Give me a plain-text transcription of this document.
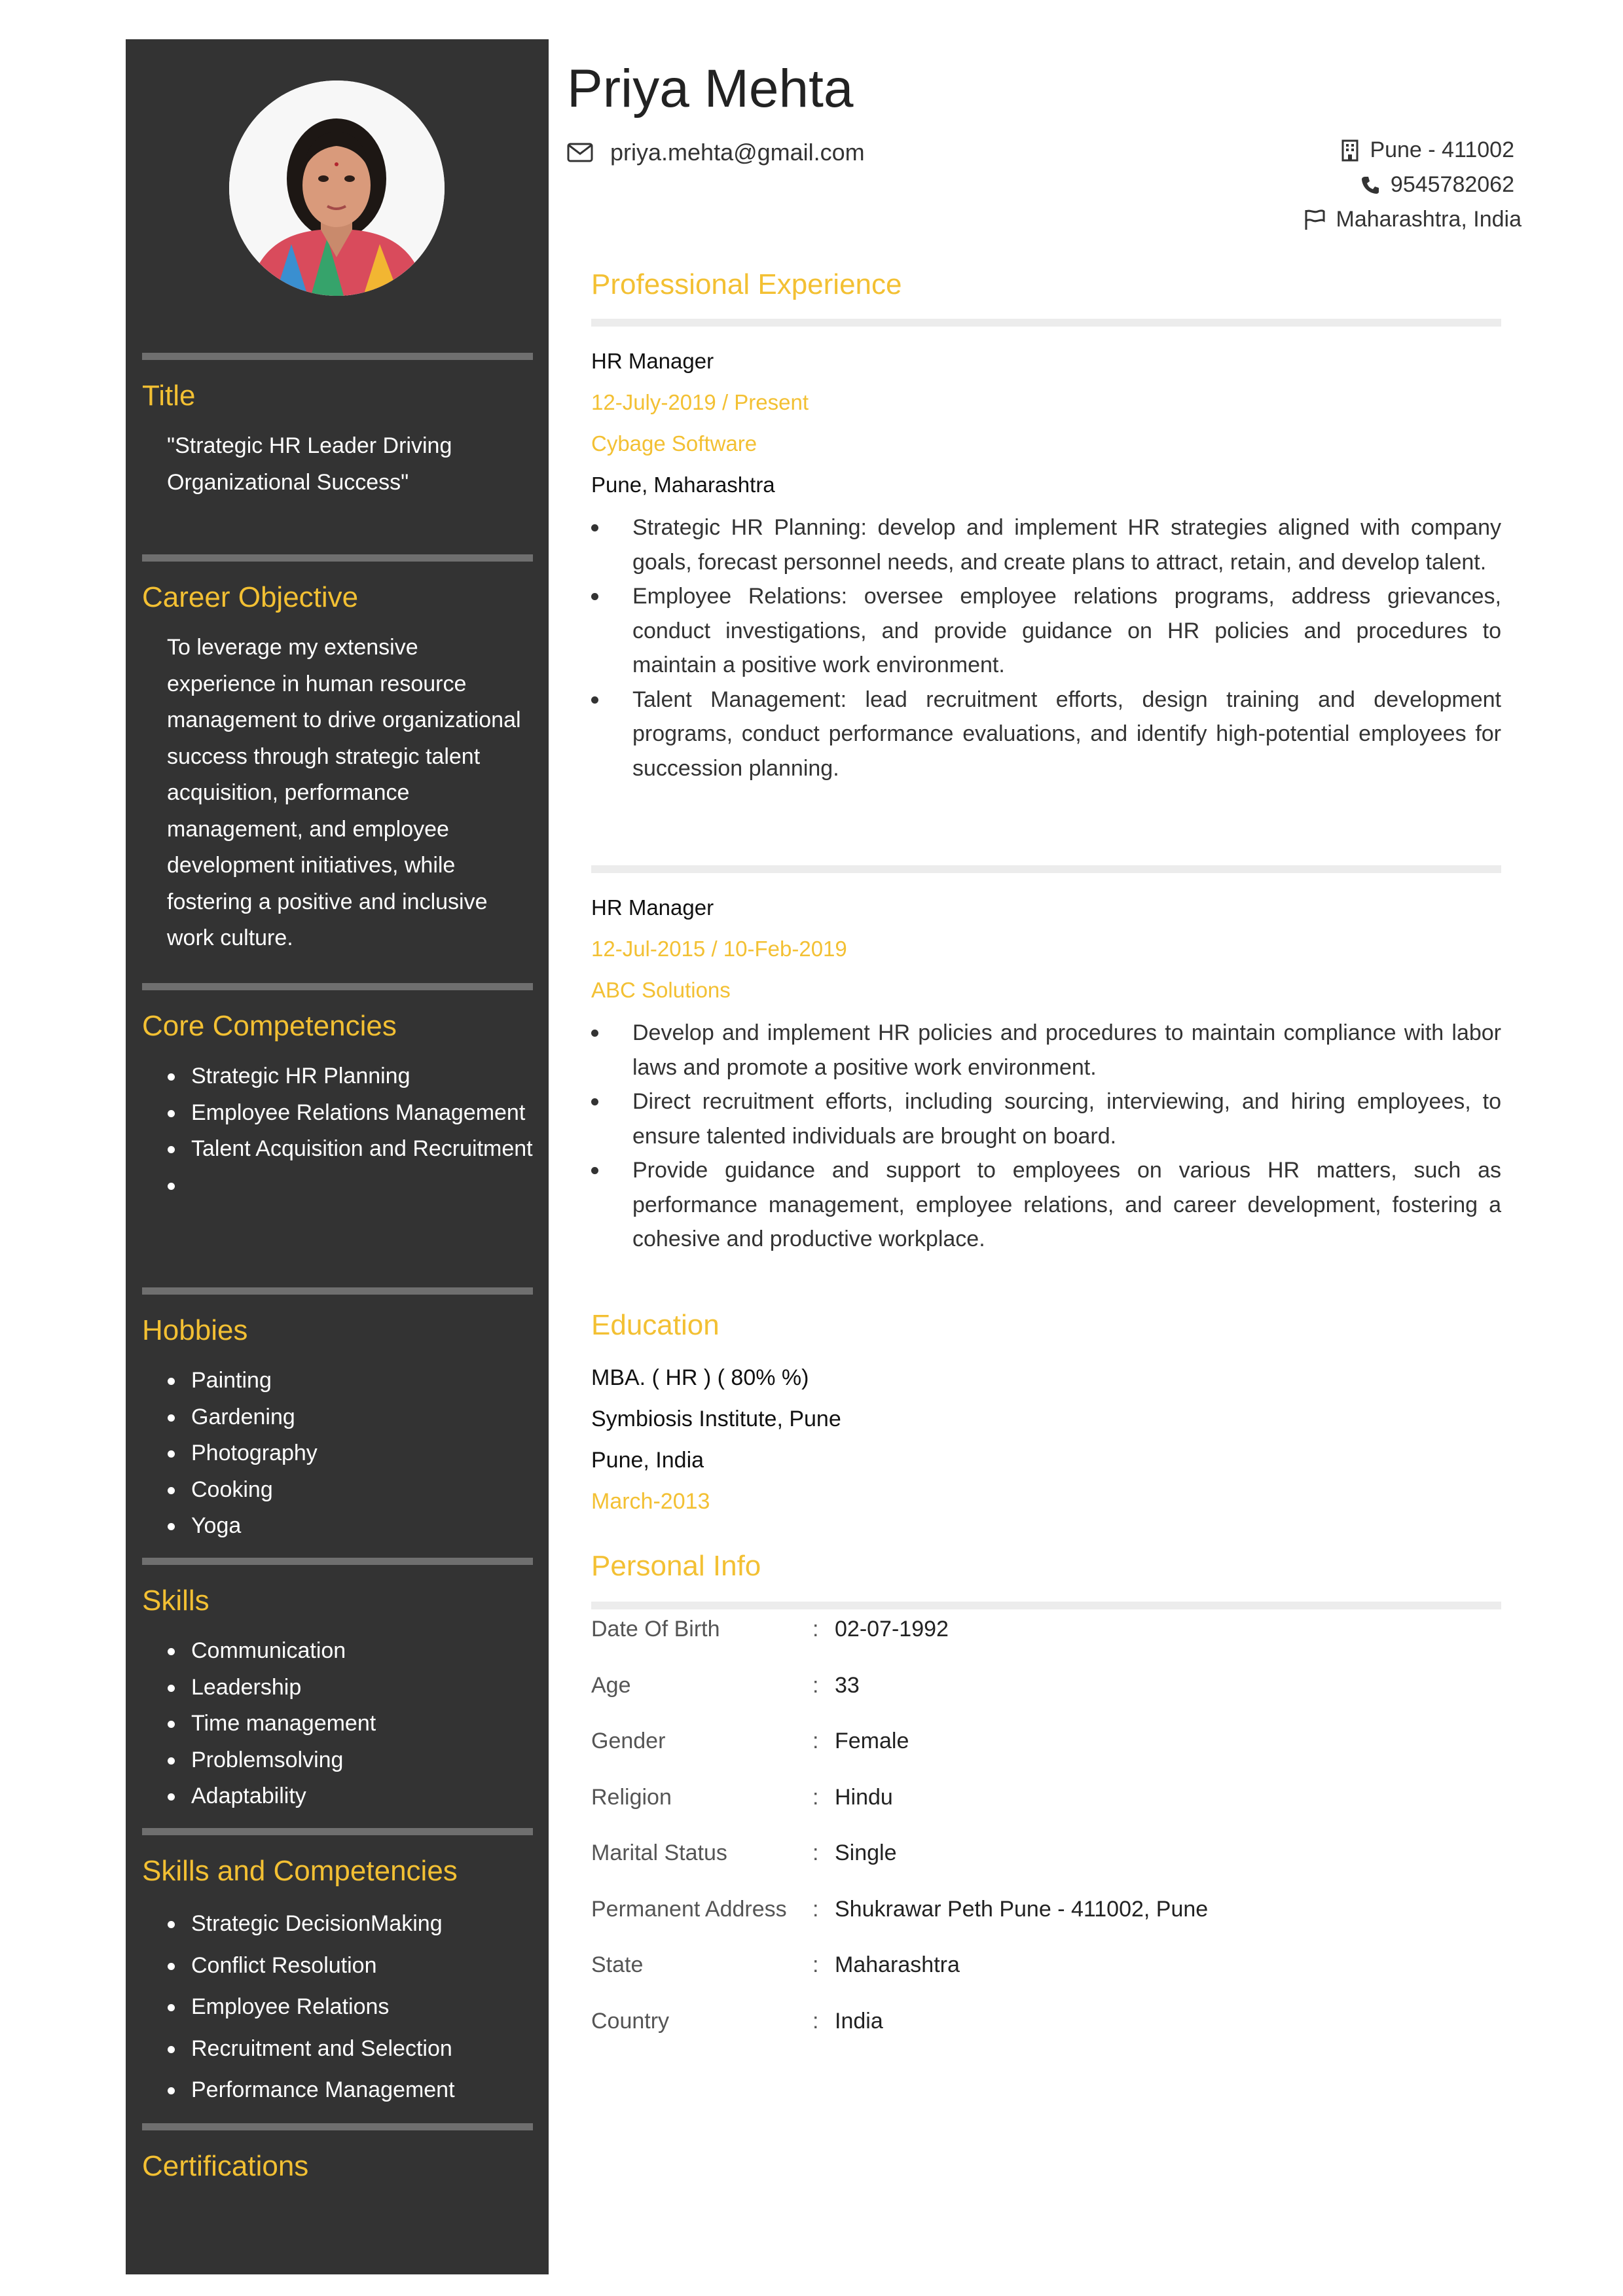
Title
"Strategic HR Leader Driving Organizational Success"
Career Objective
To leverage my extensive experience in human resource management to drive organizational success through strategic talent acquisition, performance management, and employee development initiatives, while fostering a positive and inclusive work culture.
Core Competencies
Strategic HR Planning
Employee Relations Management
Talent Acquisition and Recruitment
Hobbies
Painting
Gardening
Photography
Cooking
Yoga
Skills
Communication
Leadership
Time management
Problemsolving
Adaptability
Skills and Competencies
Strategic DecisionMaking
Conflict Resolution
Employee Relations
Recruitment and Selection
Performance Management
Certifications
Priya Mehta
priya.mehta@gmail.com	Pune - 411002
9545782062
Maharashtra, India
Professional Experience
HR Manager
12-July-2019 / Present
Cybage Software
Pune, Maharashtra
Strategic HR Planning: develop and implement HR strategies aligned with company goals, forecast personnel needs, and create plans to attract, retain, and develop talent.
Employee Relations: oversee employee relations programs, address grievances, conduct investigations, and provide guidance on HR policies and procedures to maintain a positive work environment.
Talent Management: lead recruitment efforts, design training and development programs, conduct performance evaluations, and identify high-potential employees for succession planning.
HR Manager
12-Jul-2015 / 10-Feb-2019
ABC Solutions
Develop and implement HR policies and procedures to maintain compliance with labor laws and promote a positive work environment.
Direct recruitment efforts, including sourcing, interviewing, and hiring employees, to ensure talented individuals are brought on board.
Provide guidance and support to employees on various HR matters, such as performance management, employee relations, and career development, fostering a cohesive and productive workplace.
Education
MBA. ( HR ) ( 80% %)
Symbiosis Institute, Pune
Pune, India
March-2013
Personal Info
Date Of Birth	: 02-07-1992
Age	: 33
Gender	: Female
Religion	: Hindu
Marital Status	: Single
Permanent Address	: Shukrawar Peth Pune - 411002, Pune
State	: Maharashtra
Country	: India
